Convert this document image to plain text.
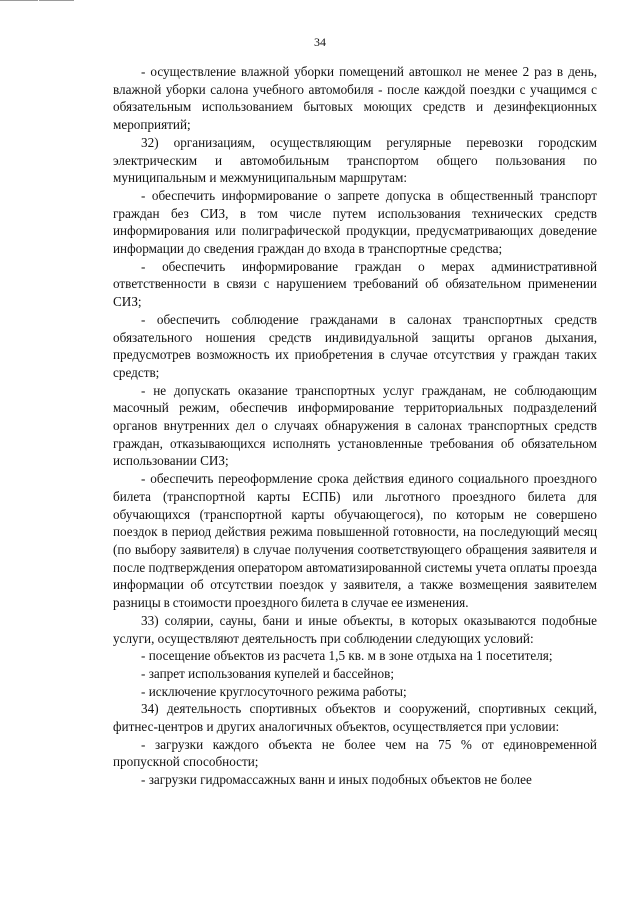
34

- осуществление влажной уборки помещений автошкол не менее 2 раз в день, влажной уборки салона учебного автомобиля - после каждой поездки с учащимся с обязательным использованием бытовых моющих средств и дезинфекционных мероприятий;

32) организациям, осуществляющим регулярные перевозки городским электрическим и автомобильным транспортом общего пользования по муниципальным и межмуниципальным маршрутам:

- обеспечить информирование о запрете допуска в общественный транспорт граждан без СИЗ, в том числе путем использования технических средств информирования или полиграфической продукции, предусматривающих доведение информации до сведения граждан до входа в транспортные средства;

- обеспечить информирование граждан о мерах административной ответственности в связи с нарушением требований об обязательном применении СИЗ;

- обеспечить соблюдение гражданами в салонах транспортных средств обязательного ношения средств индивидуальной защиты органов дыхания, предусмотрев возможность их приобретения в случае отсутствия у граждан таких средств;

- не допускать оказание транспортных услуг гражданам, не соблюдающим масочный режим, обеспечив информирование территориальных подразделений органов внутренних дел о случаях обнаружения в салонах транспортных средств граждан, отказывающихся исполнять установленные требования об обязательном использовании СИЗ;

- обеспечить переоформление срока действия единого социального проездного билета (транспортной карты ЕСПБ) или льготного проездного билета для обучающихся (транспортной карты обучающегося), по которым не совершено поездок в период действия режима повышенной готовности, на последующий месяц (по выбору заявителя) в случае получения соответствующего обращения заявителя и после подтверждения оператором автоматизированной системы учета оплаты проезда информации об отсутствии поездок у заявителя, а также возмещения заявителем разницы в стоимости проездного билета в случае ее изменения.

33) солярии, сауны, бани и иные объекты, в которых оказываются подобные услуги, осуществляют деятельность при соблюдении следующих условий:

- посещение объектов из расчета 1,5 кв. м в зоне отдыха на 1 посетителя;

- запрет использования купелей и бассейнов;

- исключение круглосуточного режима работы;

34) деятельность спортивных объектов и сооружений, спортивных секций, фитнес-центров и других аналогичных объектов, осуществляется при условии:

- загрузки каждого объекта не более чем на 75 % от единовременной пропускной способности;

- загрузки гидромассажных ванн и иных подобных объектов не более
